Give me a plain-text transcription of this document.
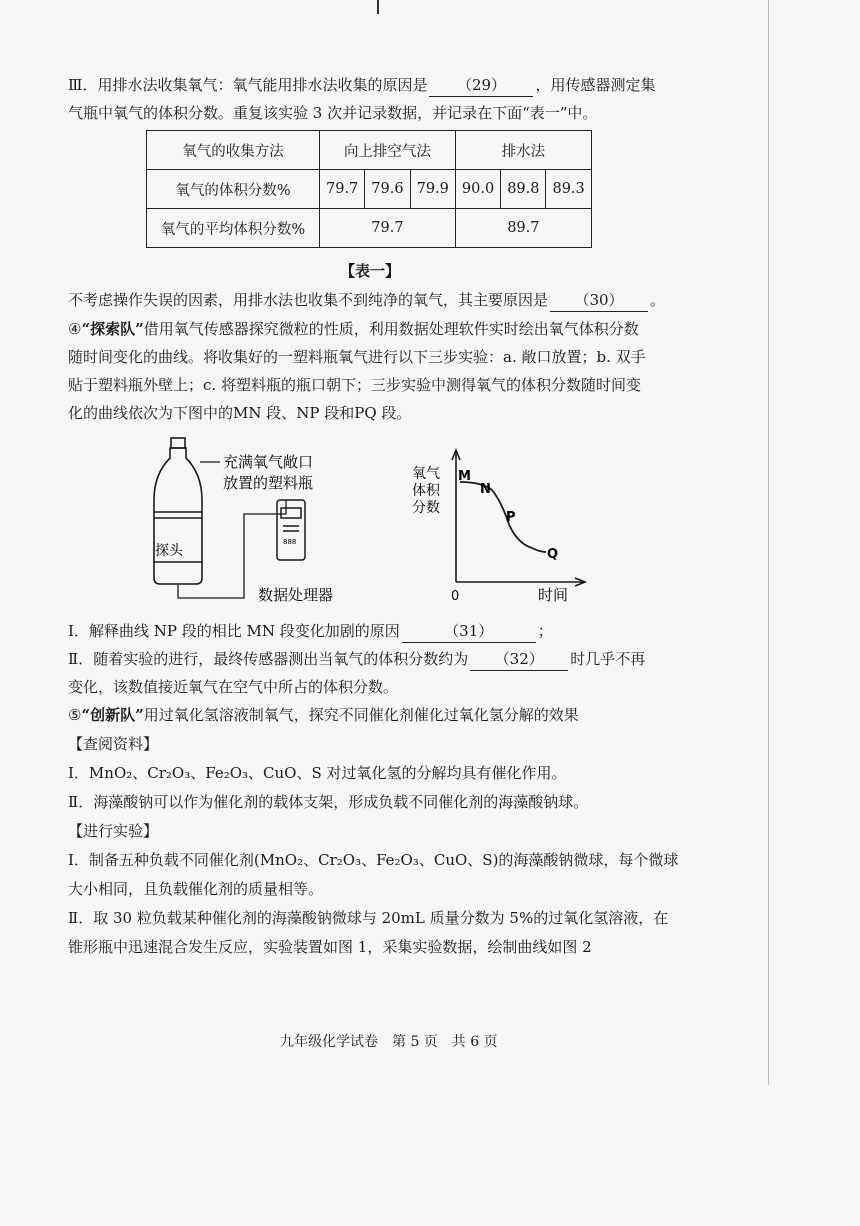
Ⅲ．用排水法收集氧气：氧气能用排水法收集的原因是 （29） ，用传感器测定集
气瓶中氧气的体积分数。重复该实验 3 次并记录数据，并记录在下面“表一”中。
氧气的收集方法	向上排空气法			排水法		
氧气的体积分数%	79.7	79.6	79.9	90.0	89.8	89.3
氧气的平均体积分数%	79.7			89.7		
【表一】
不考虑操作失误的因素，用排水法也收集不到纯净的氧气，其主要原因是 （30） 。
④“探索队”借用氧气传感器探究微粒的性质，利用数据处理软件实时绘出氧气体积分数
随时间变化的曲线。将收集好的一塑料瓶氧气进行以下三步实验：a. 敞口放置；b. 双手
贴于塑料瓶外壁上；c. 将塑料瓶的瓶口朝下；三步实验中测得氧气的体积分数随时间变
化的曲线依次为下图中的MN 段、NP 段和PQ 段。
探头
充满氧气敞口
放置的塑料瓶
888
数据处理器
氧气
体积
分数
M
N
P
Q
0	时间
Ⅰ．解释曲线 NP 段的相比 MN 段变化加剧的原因	（31）	；
Ⅱ．随着实验的进行，最终传感器测出当氧气的体积分数约为 （32） 时几乎不再
变化，该数值接近氧气在空气中所占的体积分数。
⑤“创新队”用过氧化氢溶液制氧气，探究不同催化剂催化过氧化氢分解的效果
【查阅资料】
Ⅰ．MnO₂、Cr₂O₃、Fe₂O₃、CuO、S 对过氧化氢的分解均具有催化作用。
Ⅱ．海藻酸钠可以作为催化剂的载体支架，形成负载不同催化剂的海藻酸钠球。
【进行实验】
Ⅰ．制备五种负载不同催化剂(MnO₂、Cr₂O₃、Fe₂O₃、CuO、S)的海藻酸钠微球，每个微球
大小相同，且负载催化剂的质量相等。
Ⅱ．取 30 粒负载某种催化剂的海藻酸钠微球与 20mL 质量分数为 5%的过氧化氢溶液，在
锥形瓶中迅速混合发生反应，实验装置如图 1，采集实验数据，绘制曲线如图 2
九年级化学试卷　第 5 页　共 6 页
